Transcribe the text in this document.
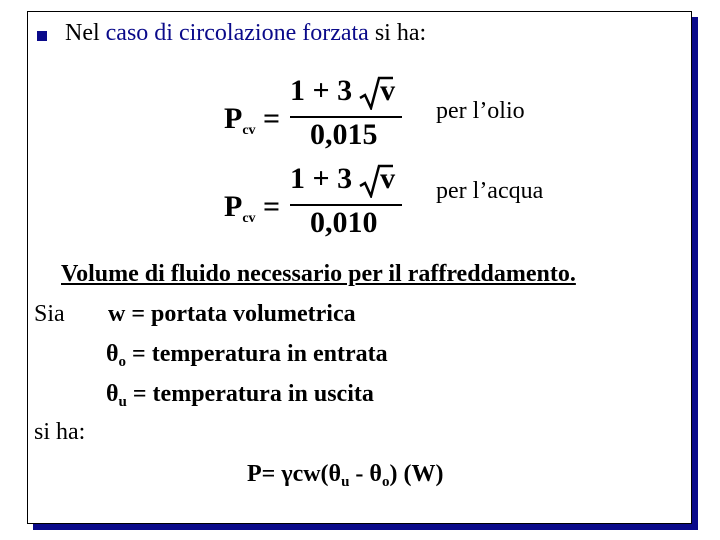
Nel caso di circolazione forzata si ha:
$P_{cv}$ =
1 + 3 v
0,015
per l’olio
$P_{cv}$ =
1 + 3 v
0,010
per l’acqua
Volume di fluido necessario per il raffreddamento.
Sia w = portata volumetrica
$\theta_o$ = temperatura in entrata
$\theta_u$ = temperatura in uscita
si ha:
$P= \gamma cw(\theta_u - \theta_o)$ (W)
